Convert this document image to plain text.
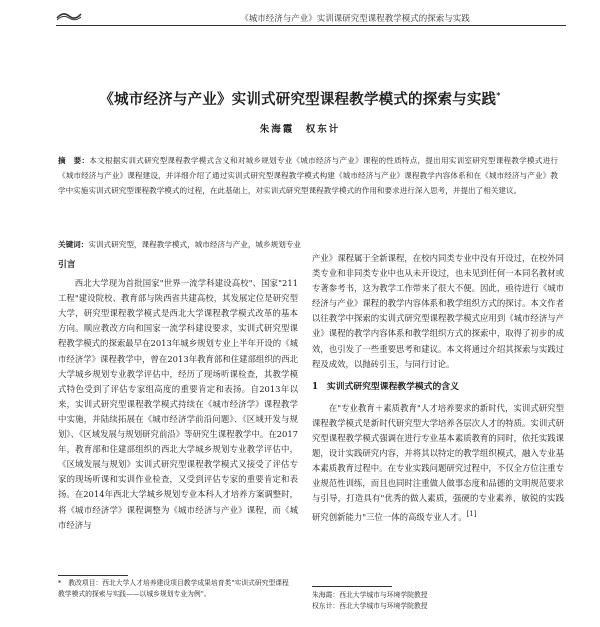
《城市经济与产业》实训课研究型课程教学模式的探索与实践
《城市经济与产业》实训式研究型课程教学模式的探索与实践*
朱海霞　权东计
摘　要：本文根据实训式研究型课程教学模式含义和对城乡规划专业《城市经济与产业》课程的性质特点，提出用实训室研究型课程教学模式进行《城市经济与产业》课程建设，并详细介绍了通过实训式研究型课程教学模式构建《城市经济与产业》课程教学内容体系和在《城市经济与产业》教学中实施实训式研究型课程教学模式的过程，在此基础上，对实训式研究型课程教学模式的作用和要求进行深入思考，并提出了相关建议。
关键词：实训式研究型，课程教学模式，城市经济与产业，城乡规划专业
引言

西北大学现为首批国家"世界一流学科建设高校"、国家"211工程"建设院校、教育部与陕西省共建高校，其发展定位是研究型大学，研究型课程教学模式是西北大学课程教学模式改革的基本方向。顺应教改方向和国家一流学科建设要求，实训式研究型课程教学模式的探索最早在2013年城乡规划专业上半年开设的《城市经济学》课程教学中，曾在2013年教育部和住建部组织的西北大学城乡规划专业教学评估中，经历了现场听课检查，其教学模式特色受到了评估专家组高度的重要肯定和表扬。自2013年以来，实训式研究型课程教学模式持续在《城市经济学》课程教学中实施，并陆续拓展在《城市经济学前沿问题》、《区域开发与规划》、《区域发展与规划研究前沿》等研究生课程教学中。在2017年，教育部和住建部组织的西北大学城乡规划专业教学评估中，《区域发展与规划》实训式研究型课程教学模式又接受了评估专家的现场听课和实训作业检查，又受到评估专家的重要肯定和表扬。在2014年西北大学城乡规划专业本科人才培养方案调整时，将《城市经济学》课程调整为《城市经济与产业》课程，而《城市经济与

产业》课程属于全新课程，在校内同类专业中没有开设过，在校外同类专业和非同类专业中也从未开设过，也未见到任何一本同名教材或专著参考书，这为教学工作带来了很大不便。因此，亟待进行《城市经济与产业》课程的教学内容体系和教学组织方式的探讨。本文作者以往教学中探索的实训式研究型课程教学模式应用到《城市经济与产业》课程的教学内容体系和教学组织方式的探索中，取得了初步的成效，也引发了一些重要思考和建议。本文将通过介绍其探索与实践过程及成效，以抛砖引玉，与同行讨论。

1　实训式研究型课程教学模式的含义

在"专业教育＋素质教育"人才培养要求的新时代，实训式研究型课程教学模式是新时代研究型大学培养各层次人才的特质。实训式研究型课程教学模式强调在进行专业基本素质教育的同时，依托实践课题，设计实践研究内容，并将其以特定的教学组织模式，融入专业基本素质教育过程中。在专业实践问题研究过程中，不仅全方位注重专业规范性训练，而且也同时注重做人做事态度和品德的文明规范要求与引导，打造具有"优秀的做人素质，强硬的专业素养，敏锐的实践研究创新能力"三位一体的高级专业人才。[1]

*　 教改项目：西北大学人才培养建设项目教学成果培育类"实训式研究型课程教学模式的探索与实践——以城乡规划专业为例"。	朱海霞：西北大学城市与环境学院教授

权东计：西北大学城市与环境学院教授
